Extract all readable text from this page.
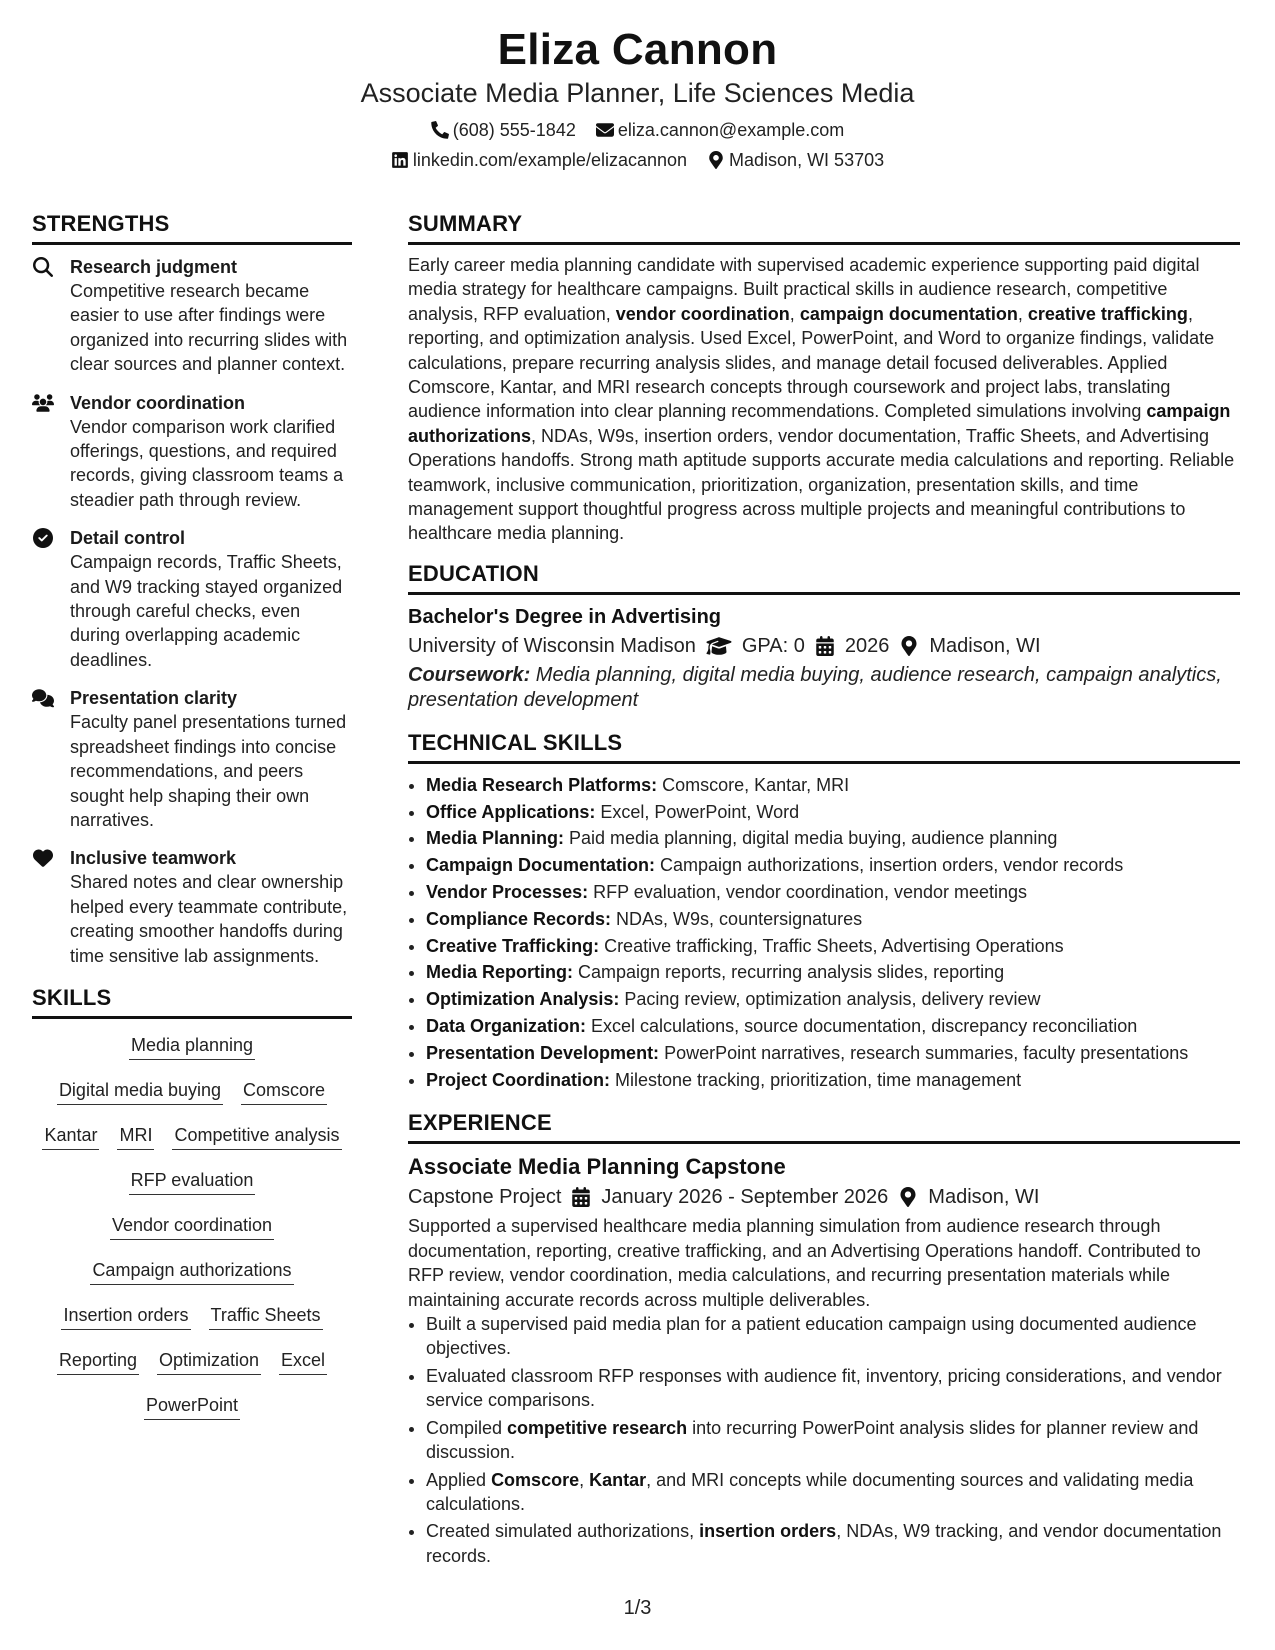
Eliza Cannon
Associate Media Planner, Life Sciences Media
(608) 555-1842 eliza.cannon@example.com
linkedin.com/example/elizacannon Madison, WI 53703
STRENGTHS
Research judgment
Competitive research became easier to use after findings were organized into recurring slides with clear sources and planner context.
Vendor coordination
Vendor comparison work clarified offerings, questions, and required records, giving classroom teams a steadier path through review.
Detail control
Campaign records, Traffic Sheets, and W9 tracking stayed organized through careful checks, even during overlapping academic deadlines.
Presentation clarity
Faculty panel presentations turned spreadsheet findings into concise recommendations, and peers sought help shaping their own narratives.
Inclusive teamwork
Shared notes and clear ownership helped every teammate contribute, creating smoother handoffs during time sensitive lab assignments.
SKILLS
Media planning
Digital media buying Comscore
Kantar MRI Competitive analysis
RFP evaluation
Vendor coordination
Campaign authorizations
Insertion orders Traffic Sheets
Reporting Optimization Excel
PowerPoint
SUMMARY
Early career media planning candidate with supervised academic experience supporting paid digital media strategy for healthcare campaigns. Built practical skills in audience research, competitive analysis, RFP evaluation, vendor coordination, campaign documentation, creative trafficking, reporting, and optimization analysis. Used Excel, PowerPoint, and Word to organize findings, validate calculations, prepare recurring analysis slides, and manage detail focused deliverables. Applied Comscore, Kantar, and MRI research concepts through coursework and project labs, translating audience information into clear planning recommendations. Completed simulations involving campaign authorizations, NDAs, W9s, insertion orders, vendor documentation, Traffic Sheets, and Advertising Operations handoffs. Strong math aptitude supports accurate media calculations and reporting. Reliable teamwork, inclusive communication, prioritization, organization, presentation skills, and time management support thoughtful progress across multiple projects and meaningful contributions to healthcare media planning.
EDUCATION
Bachelor's Degree in Advertising
University of Wisconsin Madison GPA: 0 2026 Madison, WI
Coursework: Media planning, digital media buying, audience research, campaign analytics, presentation development
TECHNICAL SKILLS
• Media Research Platforms: Comscore, Kantar, MRI
• Office Applications: Excel, PowerPoint, Word
• Media Planning: Paid media planning, digital media buying, audience planning
• Campaign Documentation: Campaign authorizations, insertion orders, vendor records
• Vendor Processes: RFP evaluation, vendor coordination, vendor meetings
• Compliance Records: NDAs, W9s, countersignatures
• Creative Trafficking: Creative trafficking, Traffic Sheets, Advertising Operations
• Media Reporting: Campaign reports, recurring analysis slides, reporting
• Optimization Analysis: Pacing review, optimization analysis, delivery review
• Data Organization: Excel calculations, source documentation, discrepancy reconciliation
• Presentation Development: PowerPoint narratives, research summaries, faculty presentations
• Project Coordination: Milestone tracking, prioritization, time management
EXPERIENCE
Associate Media Planning Capstone
Capstone Project January 2026 - September 2026 Madison, WI
Supported a supervised healthcare media planning simulation from audience research through documentation, reporting, creative trafficking, and an Advertising Operations handoff. Contributed to RFP review, vendor coordination, media calculations, and recurring presentation materials while maintaining accurate records across multiple deliverables.
• Built a supervised paid media plan for a patient education campaign using documented audience objectives.
• Evaluated classroom RFP responses with audience fit, inventory, pricing considerations, and vendor service comparisons.
• Compiled competitive research into recurring PowerPoint analysis slides for planner review and discussion.
• Applied Comscore, Kantar, and MRI concepts while documenting sources and validating media calculations.
• Created simulated authorizations, insertion orders, NDAs, W9 tracking, and vendor documentation records.
1/3
